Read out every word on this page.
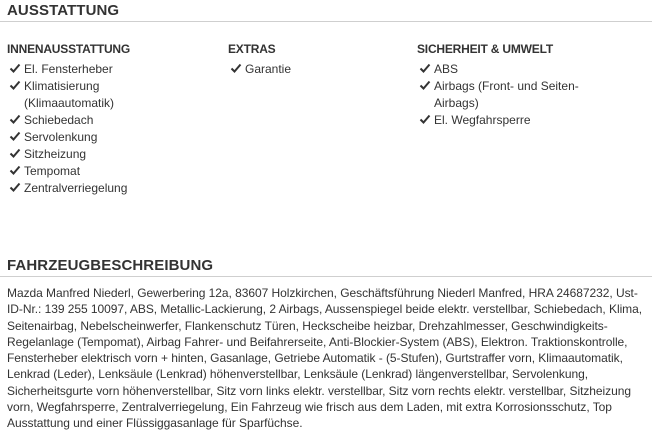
AUSSTATTUNG
INNENAUSSTATTUNG
El. Fensterheber
Klimatisierung (Klimaautomatik)
Schiebedach
Servolenkung
Sitzheizung
Tempomat
Zentralverriegelung
EXTRAS
Garantie
SICHERHEIT & UMWELT
ABS
Airbags (Front- und Seiten-Airbags)
El. Wegfahrsperre
FAHRZEUGBESCHREIBUNG

Mazda Manfred Niederl, Gewerbering 12a, 83607 Holzkirchen, Geschäftsführung Niederl Manfred, HRA 24687232, Ust-ID-Nr.: 139 255 10097, ABS, Metallic-Lackierung, 2 Airbags, Aussenspiegel beide elektr. verstellbar, Schiebedach, Klima, Seitenairbag, Nebelscheinwerfer, Flankenschutz Türen, Heckscheibe heizbar, Drehzahlmesser, Geschwindigkeits-Regelanlage (Tempomat), Airbag Fahrer- und Beifahrerseite, Anti-Blockier-System (ABS), Elektron. Traktionskontrolle, Fensterheber elektrisch vorn + hinten, Gasanlage, Getriebe Automatik - (5-Stufen), Gurtstraffer vorn, Klimaautomatik, Lenkrad (Leder), Lenksäule (Lenkrad) höhenverstellbar, Lenksäule (Lenkrad) längenverstellbar, Servolenkung, Sicherheitsgurte vorn höhenverstellbar, Sitz vorn links elektr. verstellbar, Sitz vorn rechts elektr. verstellbar, Sitzheizung vorn, Wegfahrsperre, Zentralverriegelung, Ein Fahrzeug wie frisch aus dem Laden, mit extra Korrosionsschutz, Top Ausstattung und einer Flüssiggasanlage für Sparfüchse.
